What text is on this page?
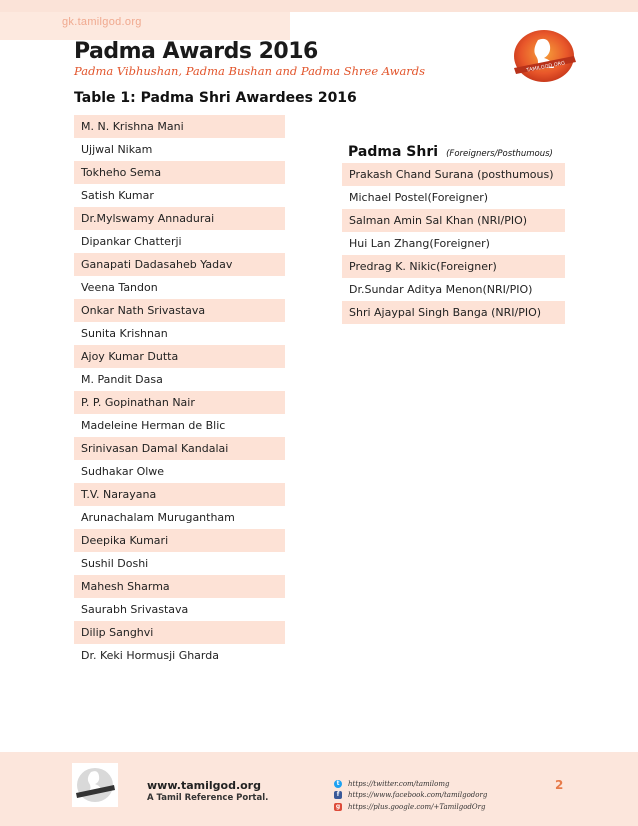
gk.tamilgod.org
Padma Awards 2016
Padma Vibhushan, Padma Bushan and Padma Shree Awards	TAMILGOD.ORG
Table 1: Padma Shri Awardees 2016
M. N. Krishna Mani
Ujjwal Nikam
Tokheho Sema
Satish Kumar
Dr.Mylswamy Annadurai
Dipankar Chatterji
Ganapati Dadasaheb Yadav
Veena Tandon
Onkar Nath Srivastava
Sunita Krishnan
Ajoy Kumar Dutta
M. Pandit Dasa
P. P. Gopinathan Nair
Madeleine Herman de Blic
Srinivasan Damal Kandalai
Sudhakar Olwe
T.V. Narayana
Arunachalam Murugantham
Deepika Kumari
Sushil Doshi
Mahesh Sharma
Saurabh Srivastava
Dilip Sanghvi
Dr. Keki Hormusji Gharda
Padma Shri (Foreigners/Posthumous)
Prakash Chand Surana (posthumous)
Michael Postel(Foreigner)
Salman Amin Sal Khan (NRI/PIO)
Hui Lan Zhang(Foreigner)
Predrag K. Nikic(Foreigner)
Dr.Sundar Aditya Menon(NRI/PIO)
Shri Ajaypal Singh Banga (NRI/PIO)
www.tamilgod.org
A Tamil Reference Portal.
t	https://twitter.com/tamilomg
f	https://www.facebook.com/tamilgodorg
g https://plus.google.com/+TamilgodOrg
2
